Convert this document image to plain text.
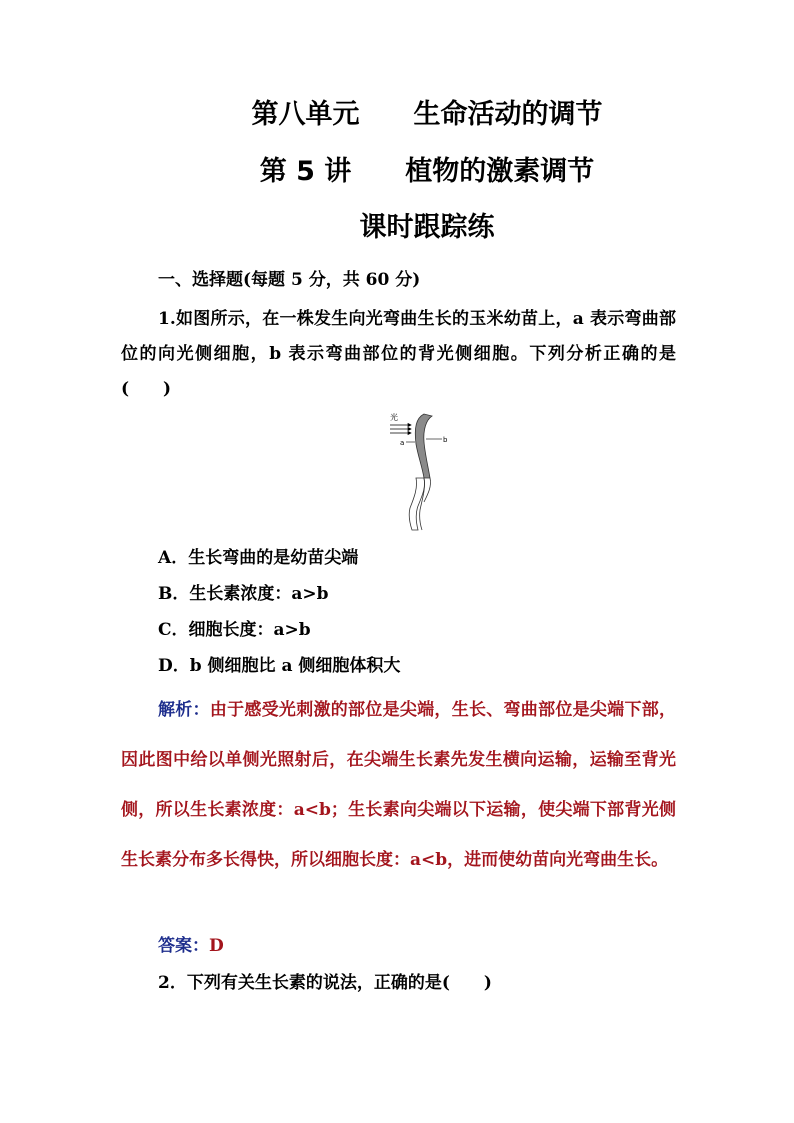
第八单元　　生命活动的调节
第 5 讲　　植物的激素调节
课时跟踪练
一、选择题(每题 5 分，共 60 分)
1.如图所示，在一株发生向光弯曲生长的玉米幼苗上，a 表示弯曲部位的向光侧细胞，b 表示弯曲部位的背光侧细胞。下列分析正确的是(　　)
光
a	b
A．生长弯曲的是幼苗尖端
B．生长素浓度：a>b
C．细胞长度：a>b
D．b 侧细胞比 a 侧细胞体积大
解析：由于感受光刺激的部位是尖端，生长、弯曲部位是尖端下部，因此图中给以单侧光照射后，在尖端生长素先发生横向运输，运输至背光侧，所以生长素浓度：a<b；生长素向尖端以下运输，使尖端下部背光侧生长素分布多长得快，所以细胞长度：a<b，进而使幼苗向光弯曲生长。
答案：D
2．下列有关生长素的说法，正确的是(　　)
